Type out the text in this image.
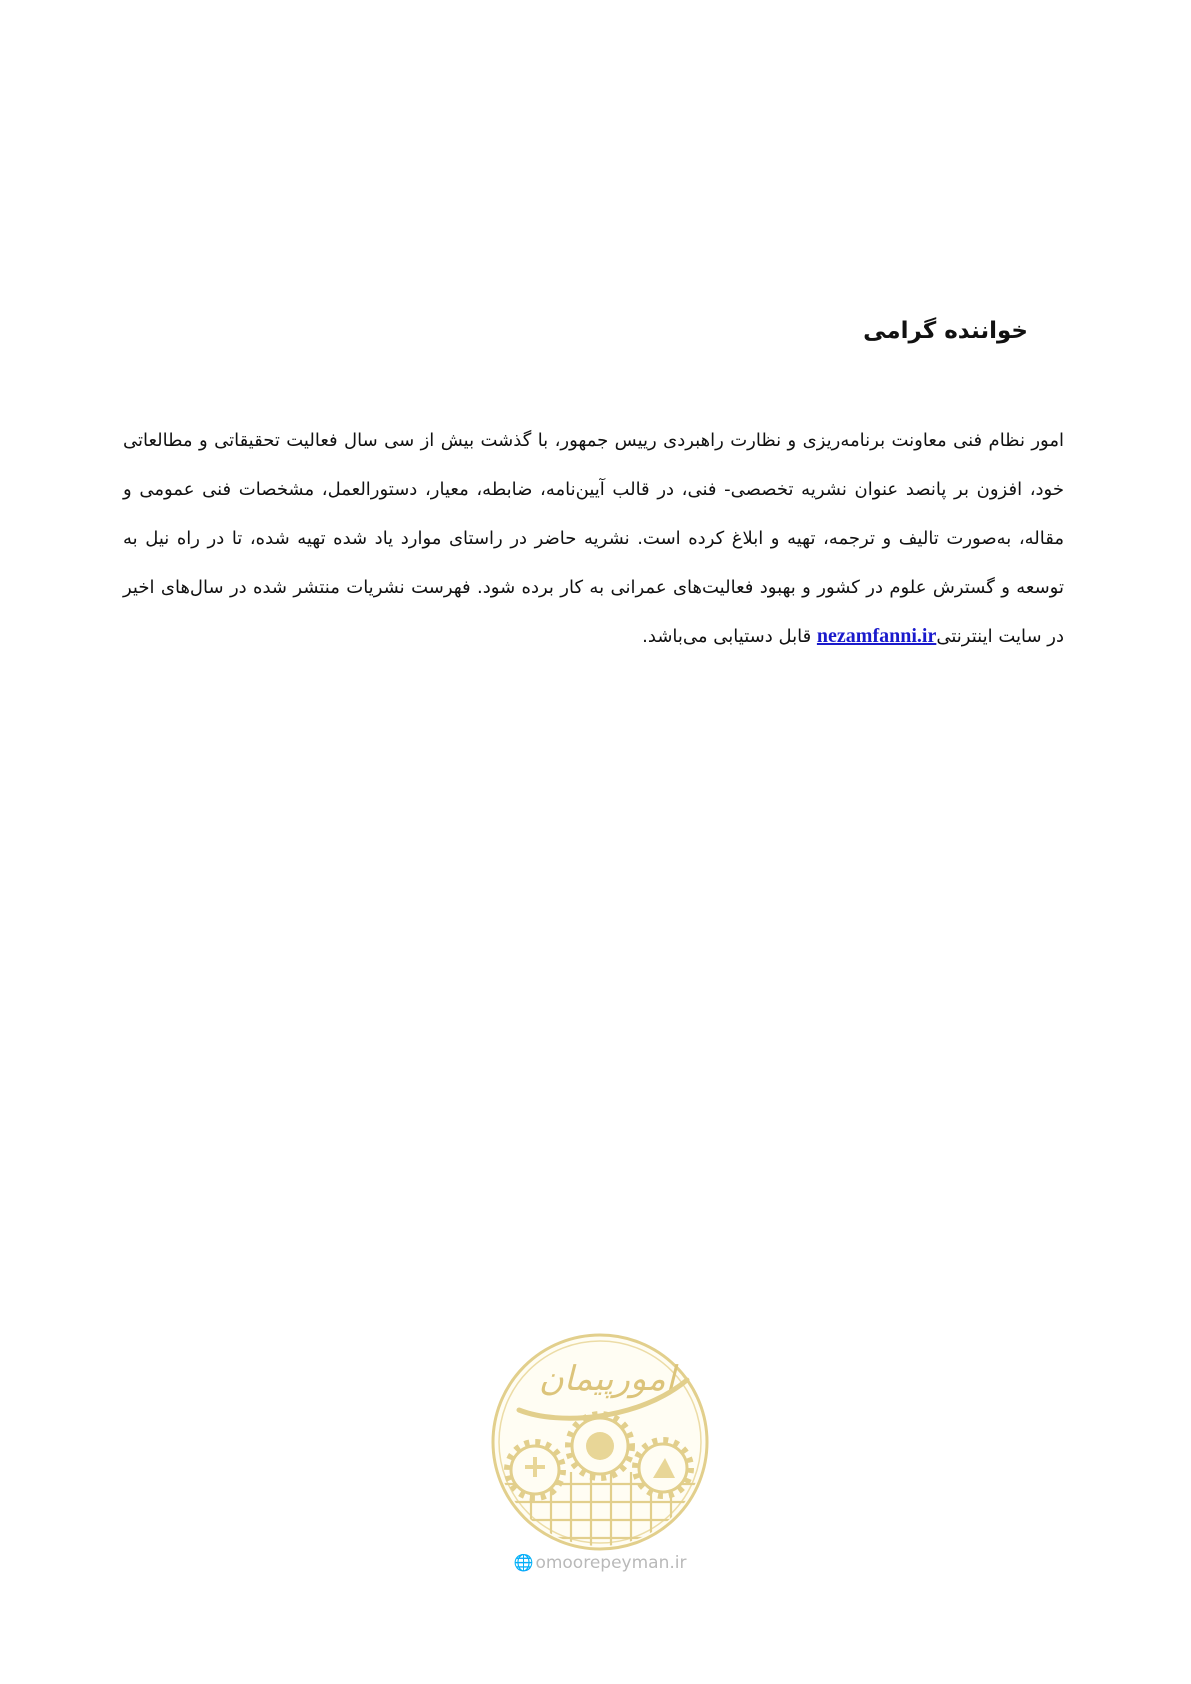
خواننده گرامی
امور نظام فنی معاونت برنامه‌ریزی و نظارت راهبردی رییس جمهور، با گذشت بیش از سی سال فعالیت تحقیقاتی و مطالعاتی خود، افزون بر پانصد عنوان نشریه تخصصی- فنی، در قالب آیین‌نامه، ضابطه، معیار، دستورالعمل، مشخصات فنی عمومی و مقاله، به‌صورت تالیف و ترجمه، تهیه و ابلاغ کرده است. نشریه حاضر در راستای موارد یاد شده تهیه شده، تا در راه نیل به توسعه و گسترش علوم در کشور و بهبود فعالیت‌های عمرانی به کار برده شود. فهرست نشریات منتشر شده در سال‌های اخیر در سایت اینترنتیnezamfanni.ir قابل دستیابی می‌باشد.
امورپیمان
🌐 omoorepeyman.ir
